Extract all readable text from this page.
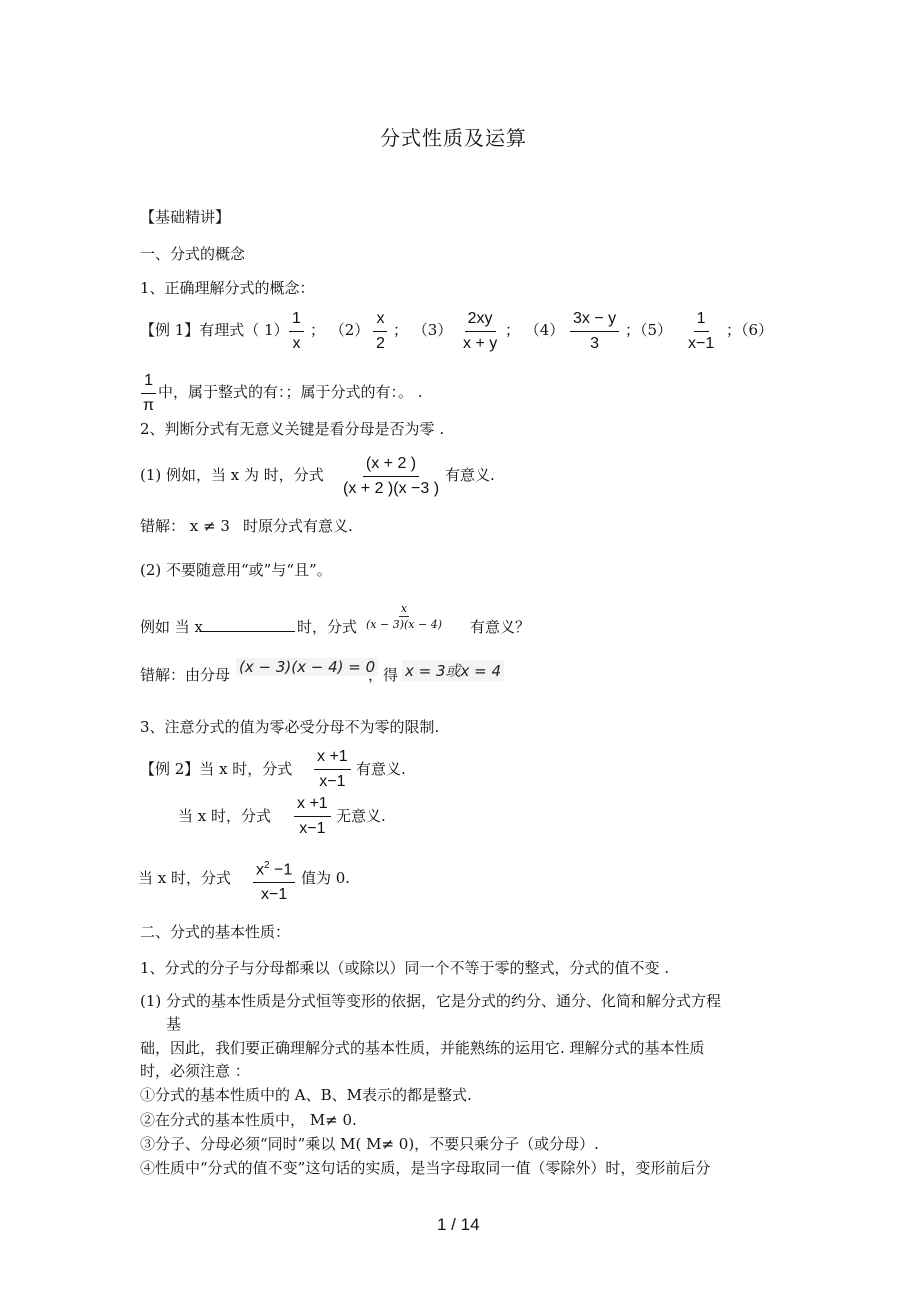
分式性质及运算
【基础精讲】
一、分式的概念
1、正确理解分式的概念：
【例 1】有理式（ $1) \frac{1}{x}$ ； $(2) \frac{x}{2}$ ； $(3) \frac{2xy}{x + y}$ ； $(4) \frac{3x - y}{3}$ ；$(5) \frac{1}{x-1}$ ；（6）
$\frac{1}{\pi}$ 中，属于整式的有：；属于分式的有：。 .
2、判断分式有无意义关键是看分母是否为零 .
(1) 例如，当 x 为 时，分式 $\frac{(x + 2 )}{(x + 2 )(x -3 )}$ 有意义.
错解： x ≠ 3 时原分式有意义.
(2) 不要随意用“或”与“且”。
例如 当 x	时，分式 $\frac{x}{(x - 3)(x - 4)}$ 有意义？
错解：由分母 (x − 3)(x − 4) = 0
，得 x = 3或x = 4
3、注意分式的值为零必受分母不为零的限制.
【例 2】当 x 时，分式 $\frac{x +1}{x-1}$ 有意义.
当 x 时，分式 $\frac{x +1}{x-1}$ 无意义.
当 x 时，分式 $\frac{x^2 -1}{x-1}$ 值为 0.
二、分式的基本性质：
1、分式的分子与分母都乘以（或除以）同一个不等于零的整式，分式的值不变 .
(1) 分式的基本性质是分式恒等变形的依据，它是分式的约分、通分、化简和解分式方程
基
础，因此，我们要正确理解分式的基本性质，并能熟练的运用它. 理解分式的基本性质
时，必须注意 ：
①分式的基本性质中的 A、B、M表示的都是整式.
②在分式的基本性质中， M≠ 0.
③分子、分母必须“同时”乘以 M( M≠ 0)，不要只乘分子（或分母）.
④性质中“分式的值不变”这句话的实质，是当字母取同一值（零除外）时，变形前后分
1 / 14
